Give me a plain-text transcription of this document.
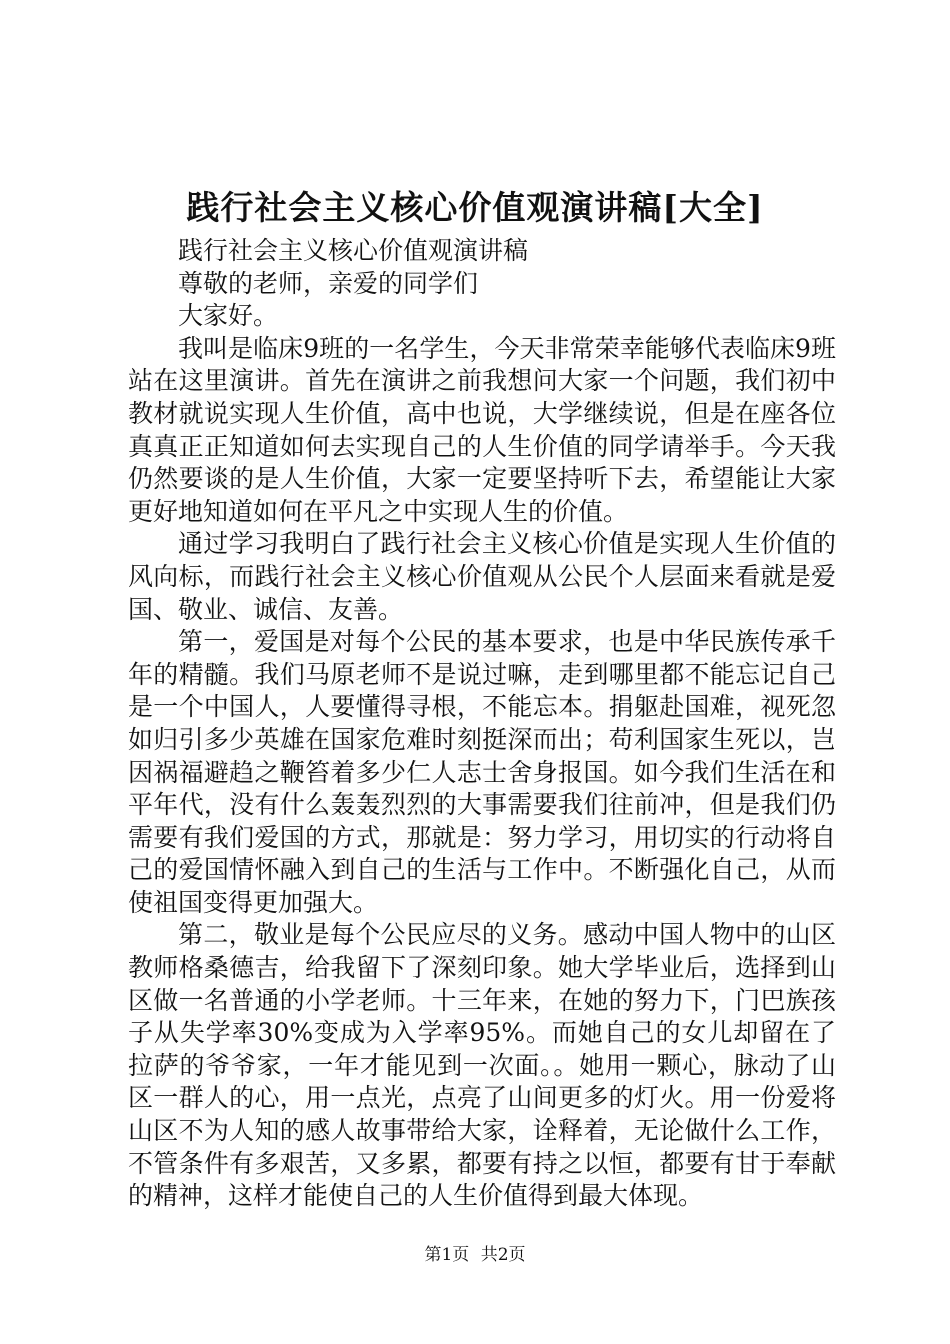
践行社会主义核心价值观演讲稿[大全]

践行社会主义核心价值观演讲稿

尊敬的老师，亲爱的同学们

大家好。

我叫是临床9班的一名学生，今天非常荣幸能够代表临床9班站在这里演讲。首先在演讲之前我想问大家一个问题，我们初中教材就说实现人生价值，高中也说，大学继续说，但是在座各位真真正正知道如何去实现自己的人生价值的同学请举手。今天我仍然要谈的是人生价值，大家一定要坚持听下去，希望能让大家更好地知道如何在平凡之中实现人生的价值。

通过学习我明白了践行社会主义核心价值是实现人生价值的风向标，而践行社会主义核心价值观从公民个人层面来看就是爱国、敬业、诚信、友善。

第一，爱国是对每个公民的基本要求，也是中华民族传承千年的精髓。我们马原老师不是说过嘛，走到哪里都不能忘记自己是一个中国人，人要懂得寻根，不能忘本。捐躯赴国难，视死忽如归引多少英雄在国家危难时刻挺深而出；苟利国家生死以，岂因祸福避趋之鞭笞着多少仁人志士舍身报国。如今我们生活在和平年代，没有什么轰轰烈烈的大事需要我们往前冲，但是我们仍需要有我们爱国的方式，那就是：努力学习，用切实的行动将自己的爱国情怀融入到自己的生活与工作中。不断强化自己，从而使祖国变得更加强大。

第二，敬业是每个公民应尽的义务。感动中国人物中的山区教师格桑德吉，给我留下了深刻印象。她大学毕业后，选择到山区做一名普通的小学老师。十三年来，在她的努力下，门巴族孩子从失学率30%变成为入学率95%。而她自己的女儿却留在了拉萨的爷爷家，一年才能见到一次面。。她用一颗心，脉动了山区一群人的心，用一点光，点亮了山间更多的灯火。用一份爱将山区不为人知的感人故事带给大家，诠释着，无论做什么工作，不管条件有多艰苦，又多累，都要有持之以恒，都要有甘于奉献的精神，这样才能使自己的人生价值得到最大体现。

第1页 共2页
